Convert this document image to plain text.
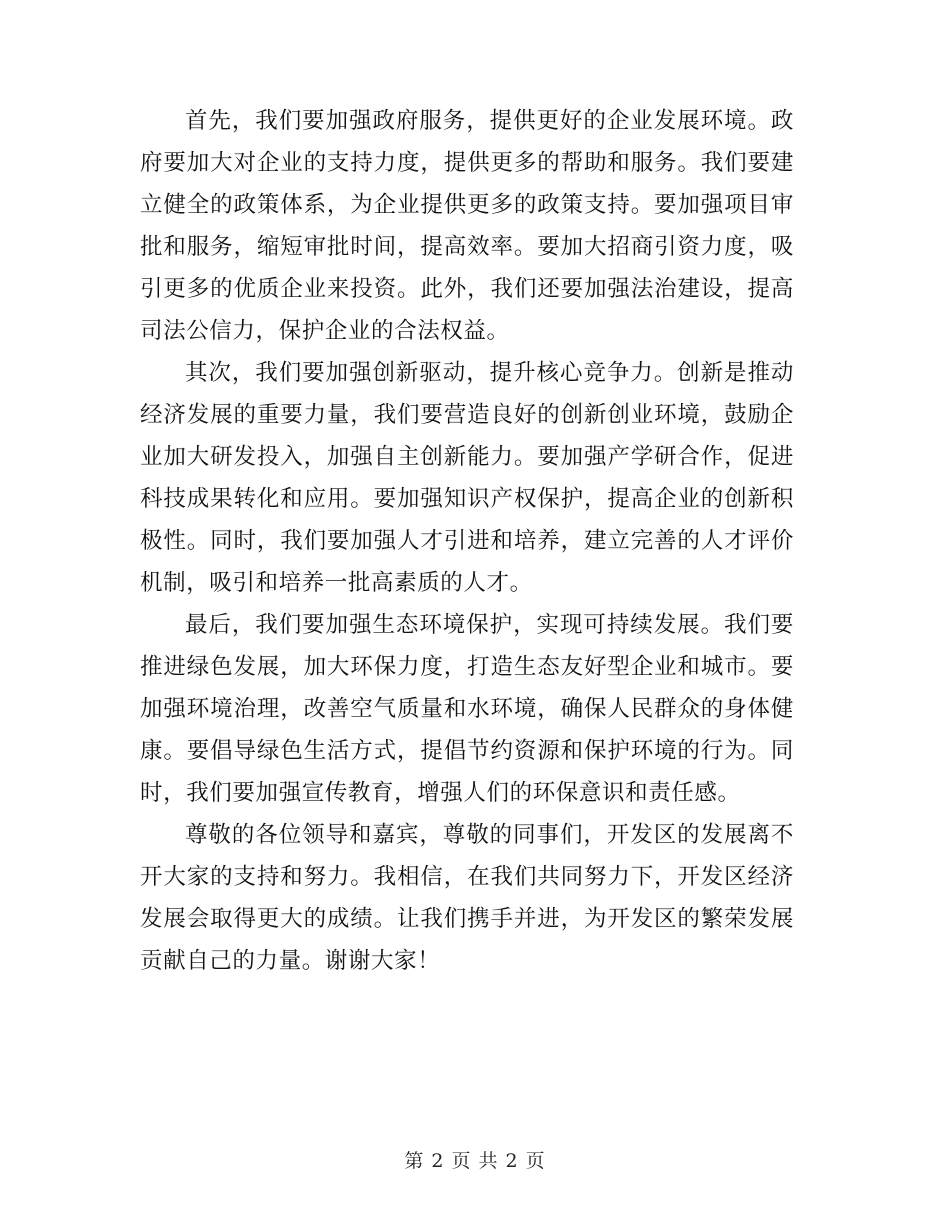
首先，我们要加强政府服务，提供更好的企业发展环境。政府要加大对企业的支持力度，提供更多的帮助和服务。我们要建立健全的政策体系，为企业提供更多的政策支持。要加强项目审批和服务，缩短审批时间，提高效率。要加大招商引资力度，吸引更多的优质企业来投资。此外，我们还要加强法治建设，提高司法公信力，保护企业的合法权益。

其次，我们要加强创新驱动，提升核心竞争力。创新是推动经济发展的重要力量，我们要营造良好的创新创业环境，鼓励企业加大研发投入，加强自主创新能力。要加强产学研合作，促进科技成果转化和应用。要加强知识产权保护，提高企业的创新积极性。同时，我们要加强人才引进和培养，建立完善的人才评价机制，吸引和培养一批高素质的人才。

最后，我们要加强生态环境保护，实现可持续发展。我们要推进绿色发展，加大环保力度，打造生态友好型企业和城市。要加强环境治理，改善空气质量和水环境，确保人民群众的身体健康。要倡导绿色生活方式，提倡节约资源和保护环境的行为。同时，我们要加强宣传教育，增强人们的环保意识和责任感。

尊敬的各位领导和嘉宾，尊敬的同事们，开发区的发展离不开大家的支持和努力。我相信，在我们共同努力下，开发区经济发展会取得更大的成绩。让我们携手并进，为开发区的繁荣发展贡献自己的力量。谢谢大家！

第 2 页 共 2 页
